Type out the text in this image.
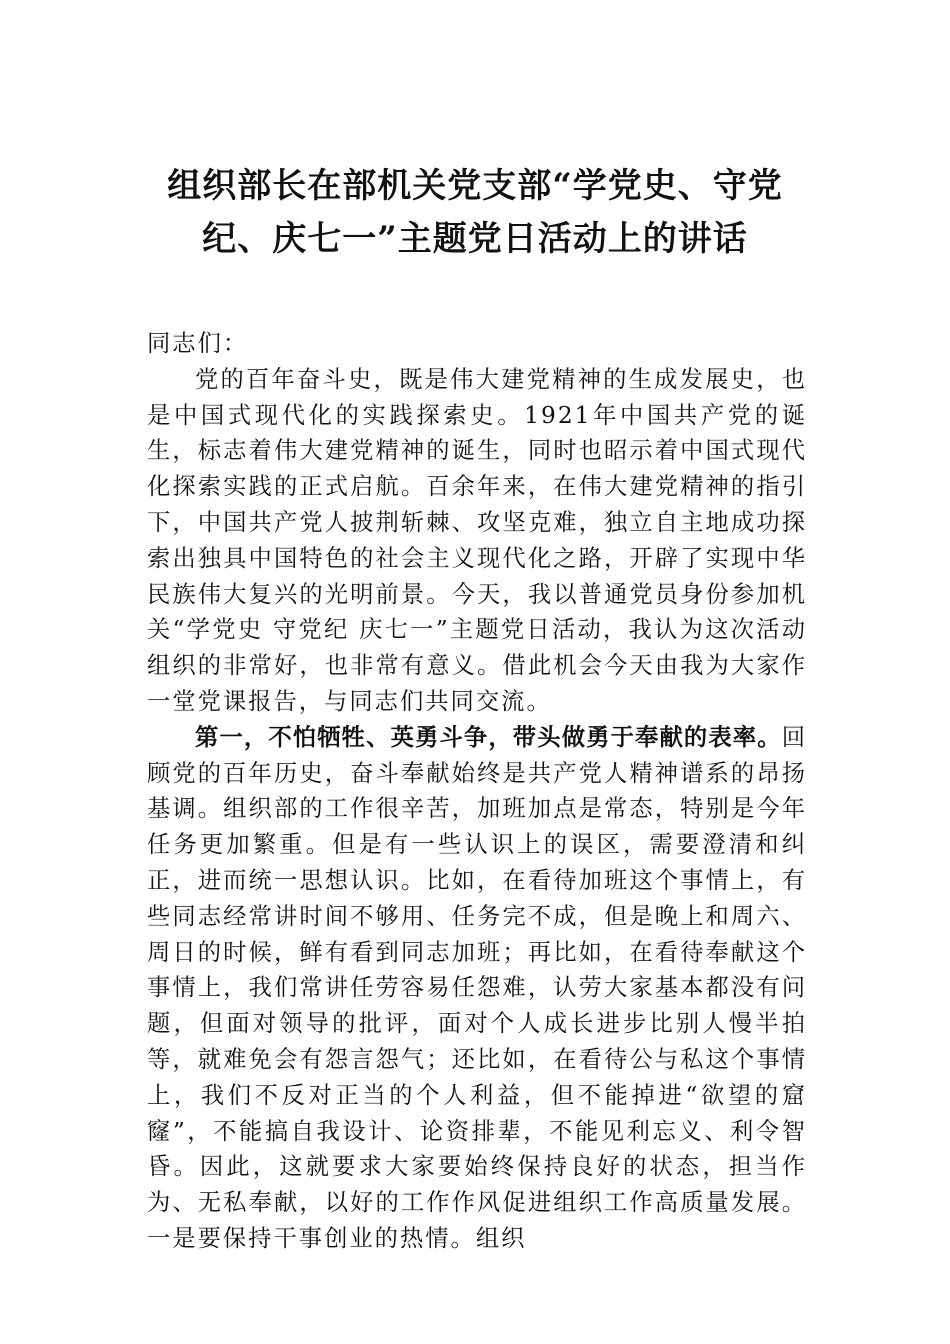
组织部长在部机关党支部“学党史、守党
纪、庆七一”主题党日活动上的讲话

同志们：

党的百年奋斗史，既是伟大建党精神的生成发展史，也是中国式现代化的实践探索史。1921年中国共产党的诞生，标志着伟大建党精神的诞生，同时也昭示着中国式现代化探索实践的正式启航。百余年来，在伟大建党精神的指引下，中国共产党人披荆斩棘、攻坚克难，独立自主地成功探索出独具中国特色的社会主义现代化之路，开辟了实现中华民族伟大复兴的光明前景。今天，我以普通党员身份参加机关“学党史 守党纪 庆七一”主题党日活动，我认为这次活动组织的非常好，也非常有意义。借此机会今天由我为大家作一堂党课报告，与同志们共同交流。

第一，不怕牺牲、英勇斗争，带头做勇于奉献的表率。回顾党的百年历史，奋斗奉献始终是共产党人精神谱系的昂扬基调。组织部的工作很辛苦，加班加点是常态，特别是今年任务更加繁重。但是有一些认识上的误区，需要澄清和纠正，进而统一思想认识。比如，在看待加班这个事情上，有些同志经常讲时间不够用、任务完不成，但是晚上和周六、周日的时候，鲜有看到同志加班；再比如，在看待奉献这个事情上，我们常讲任劳容易任怨难，认劳大家基本都没有问题，但面对领导的批评，面对个人成长进步比别人慢半拍等，就难免会有怨言怨气；还比如，在看待公与私这个事情上，我们不反对正当的个人利益，但不能掉进“欲望的窟窿”，不能搞自我设计、论资排辈，不能见利忘义、利令智昏。因此，这就要求大家要始终保持良好的状态，担当作为、无私奉献，以好的工作作风促进组织工作高质量发展。一是要保持干事创业的热情。组织
